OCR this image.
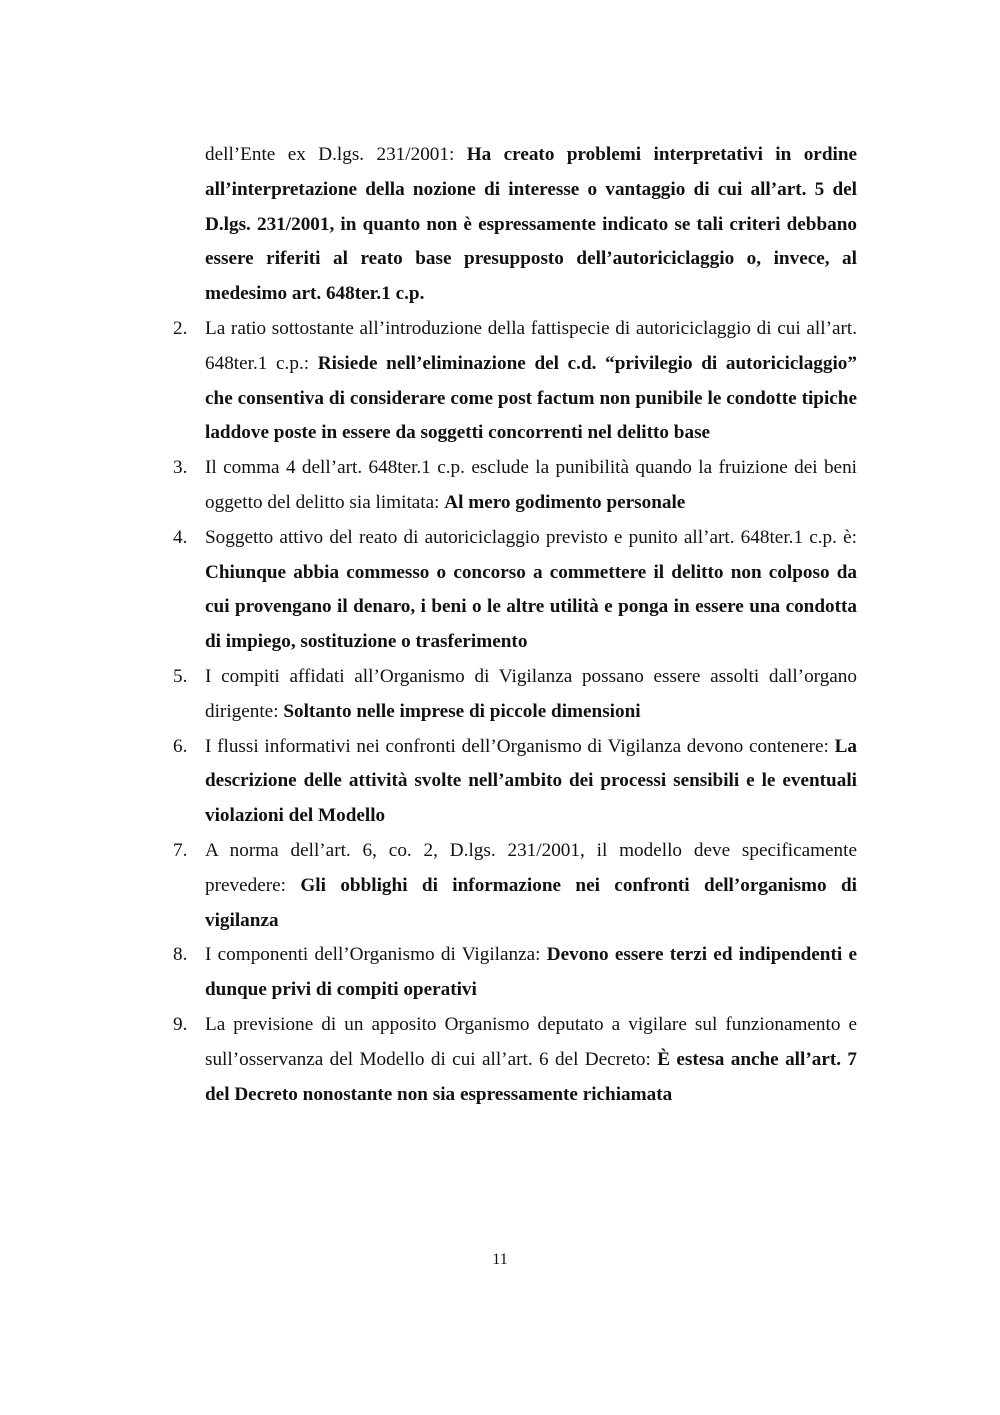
dell’Ente ex D.lgs. 231/2001: Ha creato problemi interpretativi in ordine all’interpretazione della nozione di interesse o vantaggio di cui all’art. 5 del D.lgs. 231/2001, in quanto non è espressamente indicato se tali criteri debbano essere riferiti al reato base presupposto dell’autoriciclaggio o, invece, al medesimo art. 648ter.1 c.p.

2. La ratio sottostante all’introduzione della fattispecie di autoriciclaggio di cui all’art. 648ter.1 c.p.: Risiede nell’eliminazione del c.d. “privilegio di autoriciclaggio” che consentiva di considerare come post factum non punibile le condotte tipiche laddove poste in essere da soggetti concorrenti nel delitto base
3. Il comma 4 dell’art. 648ter.1 c.p. esclude la punibilità quando la fruizione dei beni oggetto del delitto sia limitata: Al mero godimento personale
4. Soggetto attivo del reato di autoriciclaggio previsto e punito all’art. 648ter.1 c.p. è: Chiunque abbia commesso o concorso a commettere il delitto non colposo da cui provengano il denaro, i beni o le altre utilità e ponga in essere una condotta di impiego, sostituzione o trasferimento
5. I compiti affidati all’Organismo di Vigilanza possano essere assolti dall’organo dirigente: Soltanto nelle imprese di piccole dimensioni
6. I flussi informativi nei confronti dell’Organismo di Vigilanza devono contenere: La descrizione delle attività svolte nell’ambito dei processi sensibili e le eventuali violazioni del Modello
7. A norma dell’art. 6, co. 2, D.lgs. 231/2001, il modello deve specificamente prevedere: Gli obblighi di informazione nei confronti dell’organismo di vigilanza
8. I componenti dell’Organismo di Vigilanza: Devono essere terzi ed indipendenti e dunque privi di compiti operativi
9. La previsione di un apposito Organismo deputato a vigilare sul funzionamento e sull’osservanza del Modello di cui all’art. 6 del Decreto: È estesa anche all’art. 7 del Decreto nonostante non sia espressamente richiamata
11
